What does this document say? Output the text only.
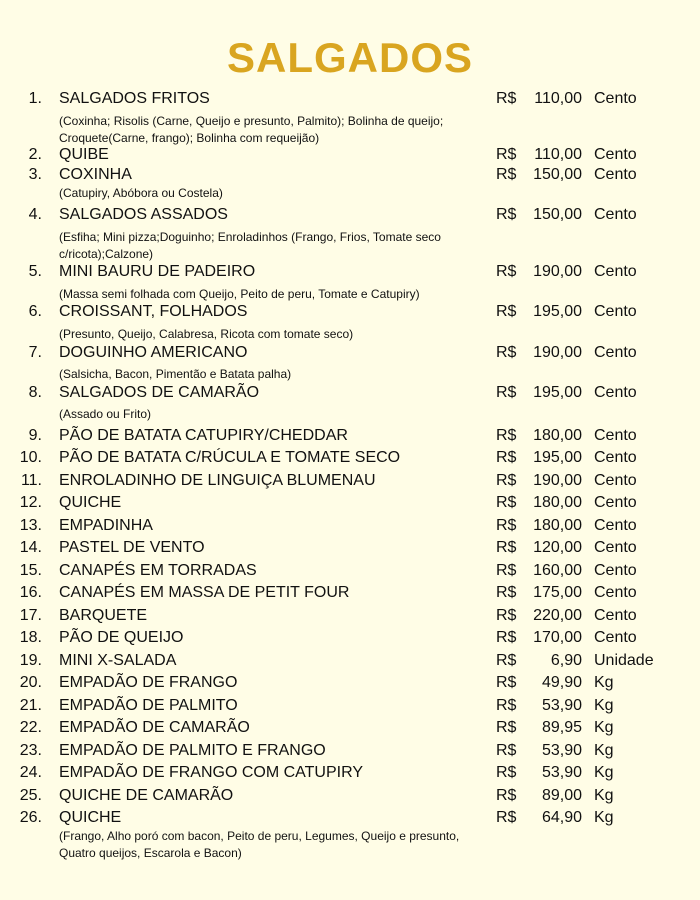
SALGADOS
1. SALGADOS FRITOS	R$ 110,00 Cento
(Coxinha; Risolis (Carne, Queijo e presunto, Palmito); Bolinha de queijo; Croquete(Carne, frango); Bolinha com requeijão)
2. QUIBE	R$ 110,00 Cento
3. COXINHA	R$ 150,00 Cento
(Catupiry, Abóbora ou Costela)
4. SALGADOS ASSADOS	R$ 150,00 Cento
(Esfiha; Mini pizza;Doguinho; Enroladinhos (Frango, Frios, Tomate seco c/ricota);Calzone)
5. MINI BAURU DE PADEIRO	R$ 190,00 Cento
(Massa semi folhada com Queijo, Peito de peru, Tomate e Catupiry)
6. CROISSANT, FOLHADOS	R$ 195,00 Cento
(Presunto, Queijo, Calabresa, Ricota com tomate seco)
7. DOGUINHO AMERICANO	R$ 190,00 Cento
(Salsicha, Bacon, Pimentão e Batata palha)
8. SALGADOS DE CAMARÃO	R$ 195,00 Cento
(Assado ou Frito)
9. PÃO DE BATATA CATUPIRY/CHEDDAR	R$ 180,00 Cento
10. PÃO DE BATATA C/RÚCULA E TOMATE SECO	R$ 195,00 Cento
11. ENROLADINHO DE LINGUIÇA BLUMENAU	R$ 190,00 Cento
12. QUICHE	R$ 180,00 Cento
13. EMPADINHA	R$ 180,00 Cento
14. PASTEL DE VENTO	R$ 120,00 Cento
15. CANAPÉS EM TORRADAS	R$ 160,00 Cento
16. CANAPÉS EM MASSA DE PETIT FOUR	R$ 175,00 Cento
17. BARQUETE	R$ 220,00 Cento
18. PÃO DE QUEIJO	R$ 170,00 Cento
19. MINI X-SALADA	R$ 6,90 Unidade
20. EMPADÃO DE FRANGO	R$ 49,90 Kg
21. EMPADÃO DE PALMITO	R$ 53,90 Kg
22. EMPADÃO DE CAMARÃO	R$ 89,95 Kg
23. EMPADÃO DE PALMITO E FRANGO	R$ 53,90 Kg
24. EMPADÃO DE FRANGO COM CATUPIRY	R$ 53,90 Kg
25. QUICHE DE CAMARÃO	R$ 89,00 Kg
26. QUICHE	R$ 64,90 Kg
(Frango, Alho poró com bacon, Peito de peru, Legumes, Queijo e presunto, Quatro queijos, Escarola e Bacon)
